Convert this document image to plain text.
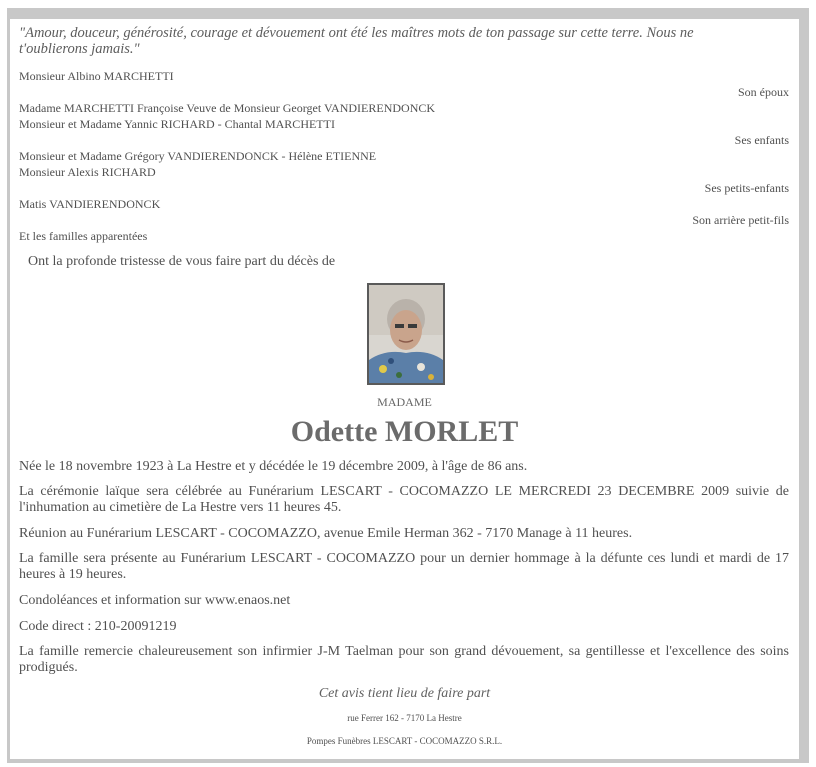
"Amour, douceur, générosité, courage et dévouement ont été les maîtres mots de ton passage sur cette terre. Nous ne t'oublierons jamais."
Monsieur Albino MARCHETTI
Son époux
Madame MARCHETTI Françoise Veuve de Monsieur Georget VANDIERENDONCK
Monsieur et Madame Yannic RICHARD - Chantal MARCHETTI
Ses enfants
Monsieur et Madame Grégory VANDIERENDONCK - Hélène ETIENNE
Monsieur Alexis RICHARD
Ses petits-enfants
Matis VANDIERENDONCK
Son arrière petit-fils
Et les familles apparentées
Ont la profonde tristesse de vous faire part du décès de
MADAME
Odette MORLET
Née le 18 novembre 1923 à La Hestre et y décédée le 19 décembre 2009, à l'âge de 86 ans.
La cérémonie laïque sera célébrée au Funérarium LESCART - COCOMAZZO LE MERCREDI 23 DECEMBRE 2009 suivie de l'inhumation au cimetière de La Hestre vers 11 heures 45.
Réunion au Funérarium LESCART - COCOMAZZO, avenue Emile Herman 362 - 7170 Manage à 11 heures.
La famille sera présente au Funérarium LESCART - COCOMAZZO pour un dernier hommage à la défunte ces lundi et mardi de 17 heures à 19 heures.
Condoléances et information sur www.enaos.net
Code direct : 210-20091219
La famille remercie chaleureusement son infirmier J-M Taelman pour son grand dévouement, sa gentillesse et l'excellence des soins prodigués.
Cet avis tient lieu de faire part
rue Ferrer 162 - 7170 La Hestre
Pompes Funèbres LESCART - COCOMAZZO S.R.L.
